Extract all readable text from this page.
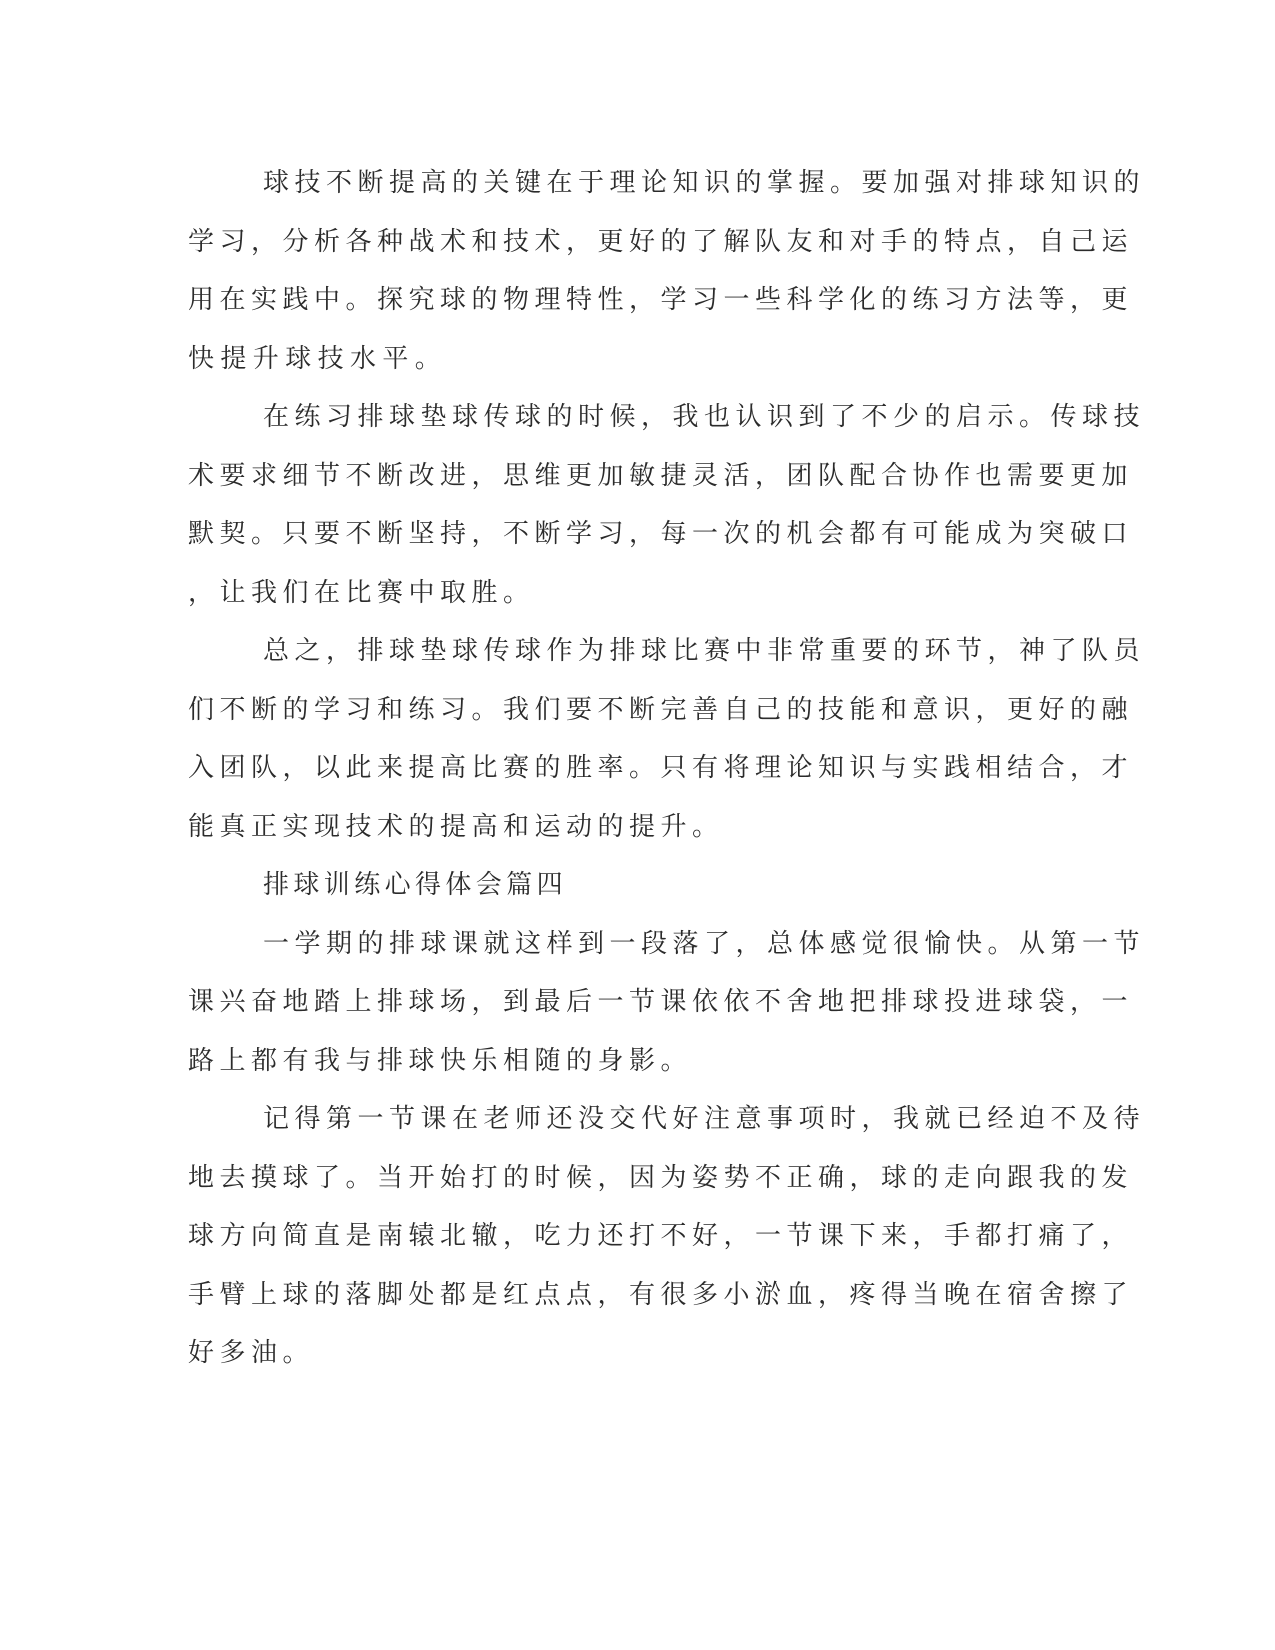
球技不断提高的关键在于理论知识的掌握。要加强对排球知识的
学习，分析各种战术和技术，更好的了解队友和对手的特点，自己运
用在实践中。探究球的物理特性，学习一些科学化的练习方法等，更
快提升球技水平。
在练习排球垫球传球的时候，我也认识到了不少的启示。传球技
术要求细节不断改进，思维更加敏捷灵活，团队配合协作也需要更加
默契。只要不断坚持，不断学习，每一次的机会都有可能成为突破口
，让我们在比赛中取胜。
总之，排球垫球传球作为排球比赛中非常重要的环节，神了队员
们不断的学习和练习。我们要不断完善自己的技能和意识，更好的融
入团队，以此来提高比赛的胜率。只有将理论知识与实践相结合，才
能真正实现技术的提高和运动的提升。
排球训练心得体会篇四
一学期的排球课就这样到一段落了，总体感觉很愉快。从第一节
课兴奋地踏上排球场，到最后一节课依依不舍地把排球投进球袋，一
路上都有我与排球快乐相随的身影。
记得第一节课在老师还没交代好注意事项时，我就已经迫不及待
地去摸球了。当开始打的时候，因为姿势不正确，球的走向跟我的发
球方向简直是南辕北辙，吃力还打不好，一节课下来，手都打痛了，
手臂上球的落脚处都是红点点，有很多小淤血，疼得当晚在宿舍擦了
好多油。
